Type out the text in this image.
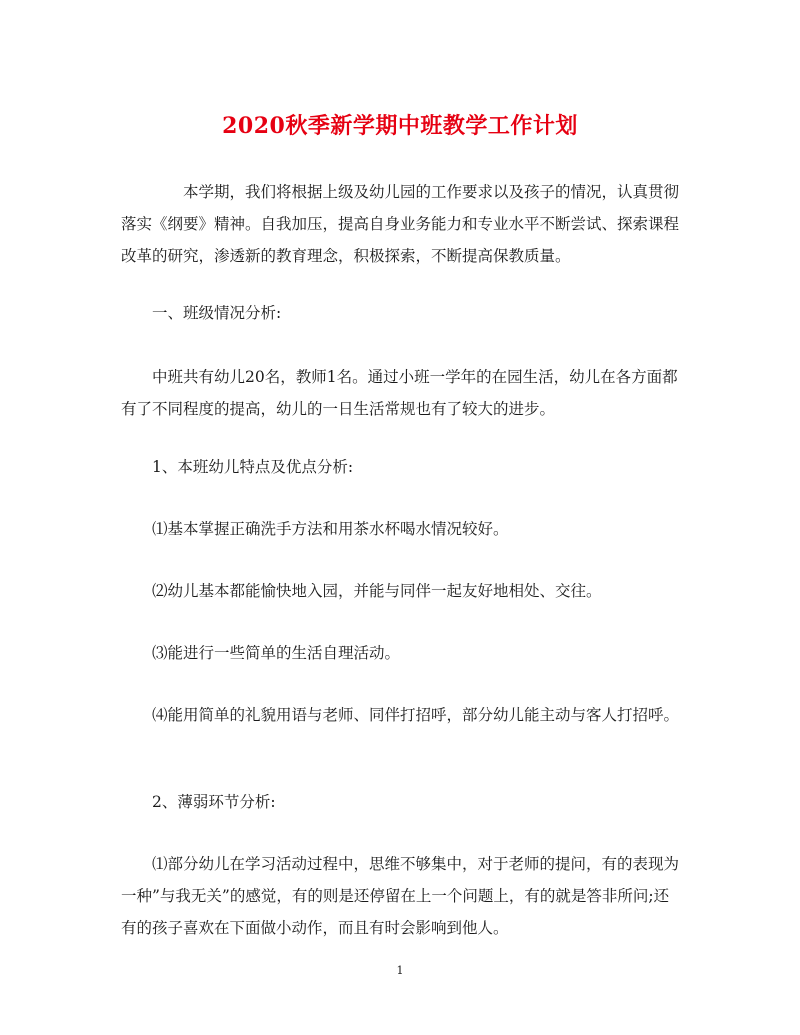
2020秋季新学期中班教学工作计划

本学期，我们将根据上级及幼儿园的工作要求以及孩子的情况，认真贯彻落实《纲要》精神。自我加压，提高自身业务能力和专业水平不断尝试、探索课程改革的研究，渗透新的教育理念，积极探索，不断提高保教质量。

一、班级情况分析:

中班共有幼儿20名，教师1名。通过小班一学年的在园生活，幼儿在各方面都有了不同程度的提高，幼儿的一日生活常规也有了较大的进步。

1、本班幼儿特点及优点分析:

⑴基本掌握正确洗手方法和用茶水杯喝水情况较好。

⑵幼儿基本都能愉快地入园，并能与同伴一起友好地相处、交往。

⑶能进行一些简单的生活自理活动。

⑷能用简单的礼貌用语与老师、同伴打招呼，部分幼儿能主动与客人打招呼。

2、薄弱环节分析:

⑴部分幼儿在学习活动过程中，思维不够集中，对于老师的提问，有的表现为一种”与我无关”的感觉，有的则是还停留在上一个问题上，有的就是答非所问;还有的孩子喜欢在下面做小动作，而且有时会影响到他人。

1
